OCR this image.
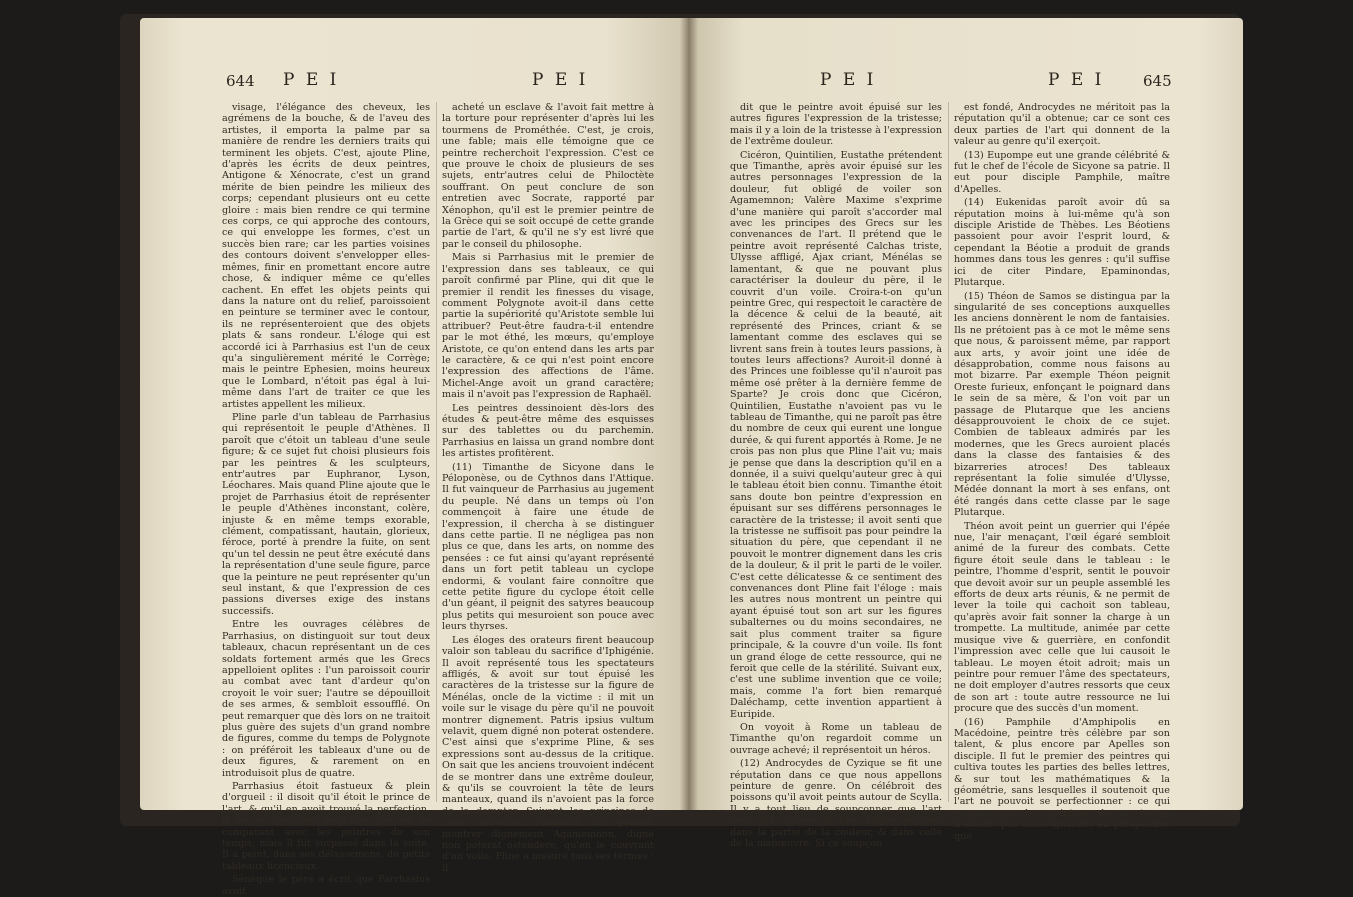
644 P E I	P E I

visage, l'élégance des cheveux, les agrémens de la bouche, & de l'aveu des artistes, il emporta la palme par sa manière de rendre les derniers traits qui terminent les objets. C'est, ajoute Pline, d'après les écrits de deux peintres, Antigone & Xénocrate, c'est un grand mérite de bien peindre les milieux des corps; cependant plusieurs ont eu cette gloire : mais bien rendre ce qui termine ces corps, ce qui approche des contours, ce qui enveloppe les formes, c'est un succès bien rare; car les parties voisines des contours doivent s'envelopper elles-mêmes, finir en promettant encore autre chose, & indiquer même ce qu'elles cachent. En effet les objets peints qui dans la nature ont du relief, paroissoient en peinture se terminer avec le contour, ils ne représenteroient que des objets plats & sans rondeur. L'éloge qui est accordé ici à Parrhasius est l'un de ceux qu'a singulièrement mérité le Corrège; mais le peintre Ephesien, moins heureux que le Lombard, n'étoit pas égal à lui-même dans l'art de traiter ce que les artistes appellent les milieux.

Pline parle d'un tableau de Parrhasius qui représentoit le peuple d'Athènes. Il paroît que c'étoit un tableau d'une seule figure; & ce sujet fut choisi plusieurs fois par les peintres & les sculpteurs, entr'autres par Euphranor, Lyson, Léochares. Mais quand Pline ajoute que le projet de Parrhasius étoit de représenter le peuple d'Athènes inconstant, colère, injuste & en même temps exorable, clément, compatissant, hautain, glorieux, féroce, porté à prendre la fuite, on sent qu'un tel dessin ne peut être exécuté dans la représentation d'une seule figure, parce que la peinture ne peut représenter qu'un seul instant, & que l'expression de ces passions diverses exige des instans successifs.

Entre les ouvrages célèbres de Parrhasius, on distinguoit sur tout deux tableaux, chacun représentant un de ces soldats fortement armés que les Grecs appelloient oplites : l'un paroissoit courir au combat avec tant d'ardeur qu'on croyoit le voir suer; l'autre se dépouilloit de ses armes, & sembloit essoufflé. On peut remarquer que dès lors on ne traitoit plus guère des sujets d'un grand nombre de figures, comme du temps de Polygnote : on préféroit les tableaux d'une ou de deux figures, & rarement on en introduisoit plus de quatre.

Parrhasius étoit fastueux & plein d'orgueil : il disoit qu'il étoit le prince de l'art, & qu'il en avoit trouvé la perfection. Il ne se trompoit peut-être pas en le comparant avec les peintres de son temps; mais il fut surpassé dans la suite. Il a peint, dans ses délassemens, de petits tableaux licencieux.

Sénèque le père a écrit que Parrhasius avoit

acheté un esclave & l'avoit fait mettre à la torture pour représenter d'après lui les tourmens de Prométhée. C'est, je crois, une fable; mais elle témoigne que ce peintre recherchoit l'expression. C'est ce que prouve le choix de plusieurs de ses sujets, entr'autres celui de Philoctète souffrant. On peut conclure de son entretien avec Socrate, rapporté par Xénophon, qu'il est le premier peintre de la Grèce qui se soit occupé de cette grande partie de l'art, & qu'il ne s'y est livré que par le conseil du philosophe.

Mais si Parrhasius mit le premier de l'expression dans ses tableaux, ce qui paroît confirmé par Pline, qui dit que le premier il rendit les finesses du visage, comment Polygnote avoit-il dans cette partie la supériorité qu'Aristote semble lui attribuer? Peut-être faudra-t-il entendre par le mot éthé, les mœurs, qu'employe Aristote, ce qu'on entend dans les arts par le caractère, & ce qui n'est point encore l'expression des affections de l'âme. Michel-Ange avoit un grand caractère; mais il n'avoit pas l'expression de Raphaël.

Les peintres dessinoient dès-lors des études & peut-être même des esquisses sur des tablettes ou du parchemin. Parrhasius en laissa un grand nombre dont les artistes profitèrent.

(11) Timanthe de Sicyone dans le Péloponèse, ou de Cythnos dans l'Attique. Il fut vainqueur de Parrhasius au jugement du peuple. Né dans un temps où l'on commençoit à faire une étude de l'expression, il chercha à se distinguer dans cette partie. Il ne négligea pas non plus ce que, dans les arts, on nomme des pensées : ce fut ainsi qu'ayant représenté dans un fort petit tableau un cyclope endormi, & voulant faire connoître que cette petite figure du cyclope étoit celle d'un géant, il peignit des satyres beaucoup plus petits qui mesuroient son pouce avec leurs thyrses.

Les éloges des orateurs firent beaucoup valoir son tableau du sacrifice d'Iphigénie. Il avoit représenté tous les spectateurs affligés, & avoit sur tout épuisé les caractères de la tristesse sur la figure de Ménélas, oncle de la victime : il mit un voile sur le visage du père qu'il ne pouvoit montrer dignement. Patris ipsius vultum velavit, quem digné non poterat ostendere. C'est ainsi que s'exprime Pline, & ses expressions sont au-dessus de la critique. On sait que les anciens trouvoient indécent de se montrer dans une extrême douleur, & qu'ils se couvroient la tête de leurs manteaux, quand ils n'avoient pas la force de la dompter. Suivant les principes de cette décence, Timanthe ne pouvoit montrer dignement Agamemnon, digné non poterat ostendere, qu'en le couvrant d'un voile. Pline a mesuré tous ses termes : il

P E I	P E I	645

dit que le peintre avoit épuisé sur les autres figures l'expression de la tristesse; mais il y a loin de la tristesse à l'expression de l'extrême douleur.

Cicéron, Quintilien, Eustathe prétendent que Timanthe, après avoir épuisé sur les autres personnages l'expression de la douleur, fut obligé de voiler son Agamemnon; Valère Maxime s'exprime d'une manière qui paroît s'accorder mal avec les principes des Grecs sur les convenances de l'art. Il prétend que le peintre avoit représenté Calchas triste, Ulysse affligé, Ajax criant, Ménélas se lamentant, & que ne pouvant plus caractériser la douleur du père, il le couvrit d'un voile. Croira-t-on qu'un peintre Grec, qui respectoit le caractère de la décence & celui de la beauté, ait représenté des Princes, criant & se lamentant comme des esclaves qui se livrent sans frein à toutes leurs passions, à toutes leurs affections? Auroit-il donné à des Princes une foiblesse qu'il n'auroit pas même osé prêter à la dernière femme de Sparte? Je crois donc que Cicéron, Quintilien, Eustathe n'avoient pas vu le tableau de Timanthe, qui ne paroît pas être du nombre de ceux qui eurent une longue durée, & qui furent apportés à Rome. Je ne crois pas non plus que Pline l'ait vu; mais je pense que dans la description qu'il en a donnée, il a suivi quelqu'auteur grec à qui le tableau étoit bien connu. Timanthe étoit sans doute bon peintre d'expression en épuisant sur ses différens personnages le caractère de la tristesse; il avoit senti que la tristesse ne suffisoit pas pour peindre la situation du père, que cependant il ne pouvoit le montrer dignement dans les cris de la douleur, & il prit le parti de le voiler. C'est cette délicatesse & ce sentiment des convenances dont Pline fait l'éloge : mais les autres nous montrent un peintre qui ayant épuisé tout son art sur les figures subalternes ou du moins secondaires, ne sait plus comment traiter sa figure principale, & la couvre d'un voile. Ils font un grand éloge de cette ressource, qui ne feroit que celle de la stérilité. Suivant eux, c'est une sublime invention que ce voile; mais, comme l'a fort bien remarqué Daléchamp, cette invention appartient à Euripide.

On voyoit à Rome un tableau de Timanthe qu'on regardoit comme un ouvrage achevé; il représentoit un héros.

(12) Androcydes de Cyzique se fit une réputation dans ce que nous appellons peinture de genre. On célébroit des poissons qu'il avoit peints autour de Scylla. Il y a tout lieu de soupçonner que l'art avoit fait encore de bien foibles progrès dans la partie de la couleur, & dans celle de la manœuvre. Si ce soupçon

est fondé, Androcydes ne méritoit pas la réputation qu'il a obtenue; car ce sont ces deux parties de l'art qui donnent de la valeur au genre qu'il exerçoit.

(13) Eupompe eut une grande célébrité & fut le chef de l'école de Sicyone sa patrie. Il eut pour disciple Pamphile, maître d'Apelles.

(14) Eukenidas paroît avoir dû sa réputation moins à lui-même qu'à son disciple Aristide de Thèbes. Les Béotiens passoient pour avoir l'esprit lourd, & cependant la Béotie a produit de grands hommes dans tous les genres : qu'il suffise ici de citer Pindare, Epaminondas, Plutarque.

(15) Théon de Samos se distingua par la singularité de ses conceptions auxquelles les anciens donnèrent le nom de fantaisies. Ils ne prétoient pas à ce mot le même sens que nous, & paroissent même, par rapport aux arts, y avoir joint une idée de désapprobation, comme nous faisons au mot bizarre. Par exemple Théon peignit Oreste furieux, enfonçant le poignard dans le sein de sa mère, & l'on voit par un passage de Plutarque que les anciens désapprouvoient le choix de ce sujet. Combien de tableaux admirés par les modernes, que les Grecs auroient placés dans la classe des fantaisies & des bizarreries atroces! Des tableaux représentant la folie simulée d'Ulysse, Médée donnant la mort à ses enfans, ont été rangés dans cette classe par le sage Plutarque.

Théon avoit peint un guerrier qui l'épée nue, l'air menaçant, l'œil égaré sembloit animé de la fureur des combats. Cette figure étoit seule dans le tableau : le peintre, l'homme d'esprit, sentit le pouvoir que devoit avoir sur un peuple assemblé les efforts de deux arts réunis, & ne permit de lever la toile qui cachoit son tableau, qu'après avoir fait sonner la charge à un trompette. La multitude, animée par cette musique vive & guerrière, en confondit l'impression avec celle que lui causoit le tableau. Le moyen étoit adroit; mais un peintre pour remuer l'âme des spectateurs, ne doit employer d'autres ressorts que ceux de son art : toute autre ressource ne lui procure que des succès d'un moment.

(16) Pamphile d'Amphipolis en Macédoine, peintre très célèbre par son talent, & plus encore par Apelles son disciple. Il fut le premier des peintres qui cultiva toutes les parties des belles lettres, & sur tout les mathématiques & la géométrie, sans lesquelles il soutenoit que l'art ne pouvoit se perfectionner : ce qui prouve que les peintres de ce temps n'étoient pas aussi ignorans en perspective que
